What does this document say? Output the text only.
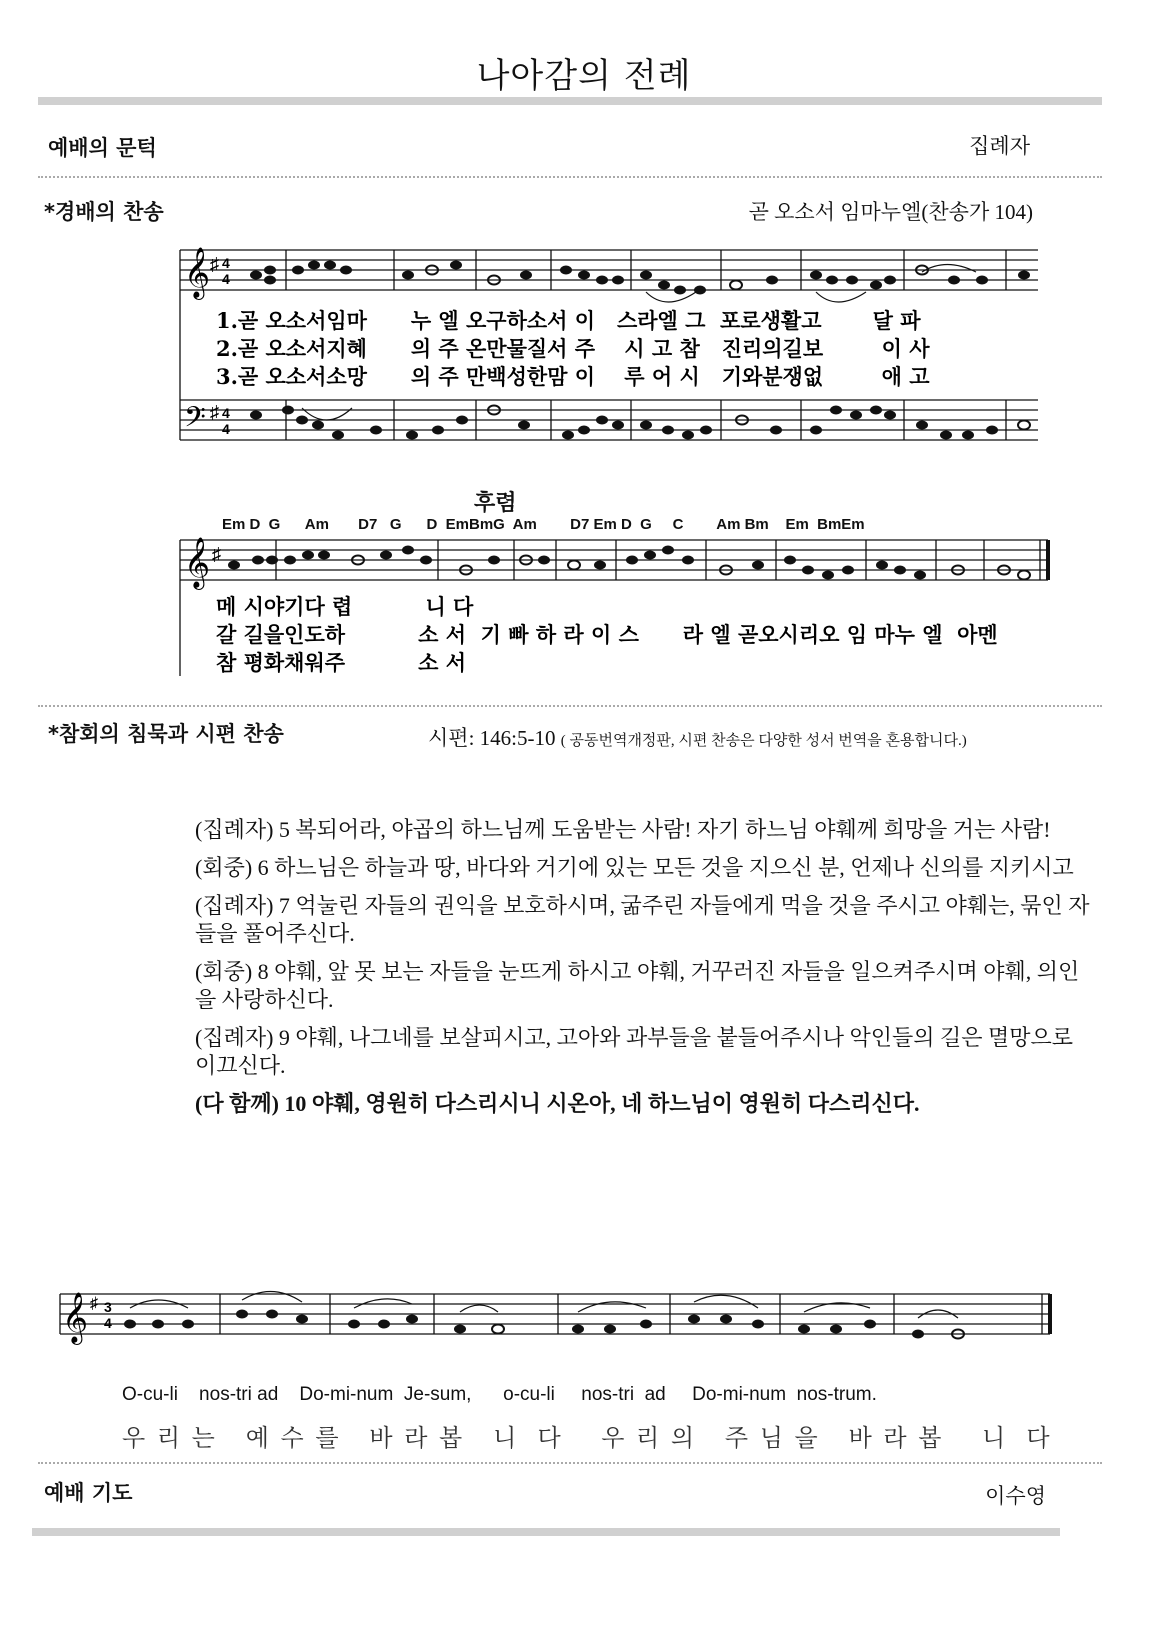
나아감의 전례
예배의 문턱	집례자
*경배의 찬송	곧 오소서 임마누엘(찬송가 104)
𝄞 ♯ 4
4
𝄢 ♯ 4
4
1.곧 오소서임마      누 엘 오구하소서 이   스라엘 그  포로생활고       달 파
2.곧 오소서지혜      의 주 온만물질서 주    시 고 참   진리의길보        이 사
3.곧 오소서소망      의 주 만백성한맘 이    루 어 시   기와분쟁없        애 고
후렴
Em D  G      Am       D7   G      D  EmBmG  Am        D7 Em D  G     C        Am Bm    Em  BmEm
𝄞 ♯
메 시야기다 렵          니 다
갈 길을인도하          소 서  기 빠 하 라 이 스      라 엘 곧오시리오 임 마누 엘  아멘
참 평화채워주          소 서
*참회의 침묵과 시편 찬송	시편: 146:5-10 ( 공동번역개정판, 시편 찬송은 다양한 성서 번역을 혼용합니다.)

(집례자) 5 복되어라, 야곱의 하느님께 도움받는 사람! 자기 하느님 야훼께 희망을 거는 사람!

(회중) 6 하느님은 하늘과 땅, 바다와 거기에 있는 모든 것을 지으신 분, 언제나 신의를 지키시고

(집례자) 7 억눌린 자들의 권익을 보호하시며, 굶주린 자들에게 먹을 것을 주시고 야훼는, 묶인 자들을 풀어주신다.

(회중) 8 야훼, 앞 못 보는 자들을 눈뜨게 하시고 야훼, 거꾸러진 자들을 일으켜주시며 야훼, 의인을 사랑하신다.

(집례자) 9 야훼, 나그네를 보살피시고, 고아와 과부들을 붙들어주시나 악인들의 길은 멸망으로 이끄신다.

(다 함께) 10 야훼, 영원히 다스리시니 시온아, 네 하느님이 영원히 다스리신다.

𝄞 ♯ 3
4
O-cu-li    nos-tri ad    Do-mi-num  Je-sum,      o-cu-li     nos-tri  ad     Do-mi-num  nos-trum.
우 리 는   예 수 를   바 라 봅   니  다    우 리 의   주 님 을   바 라 봅    니  다
예배 기도	이수영
